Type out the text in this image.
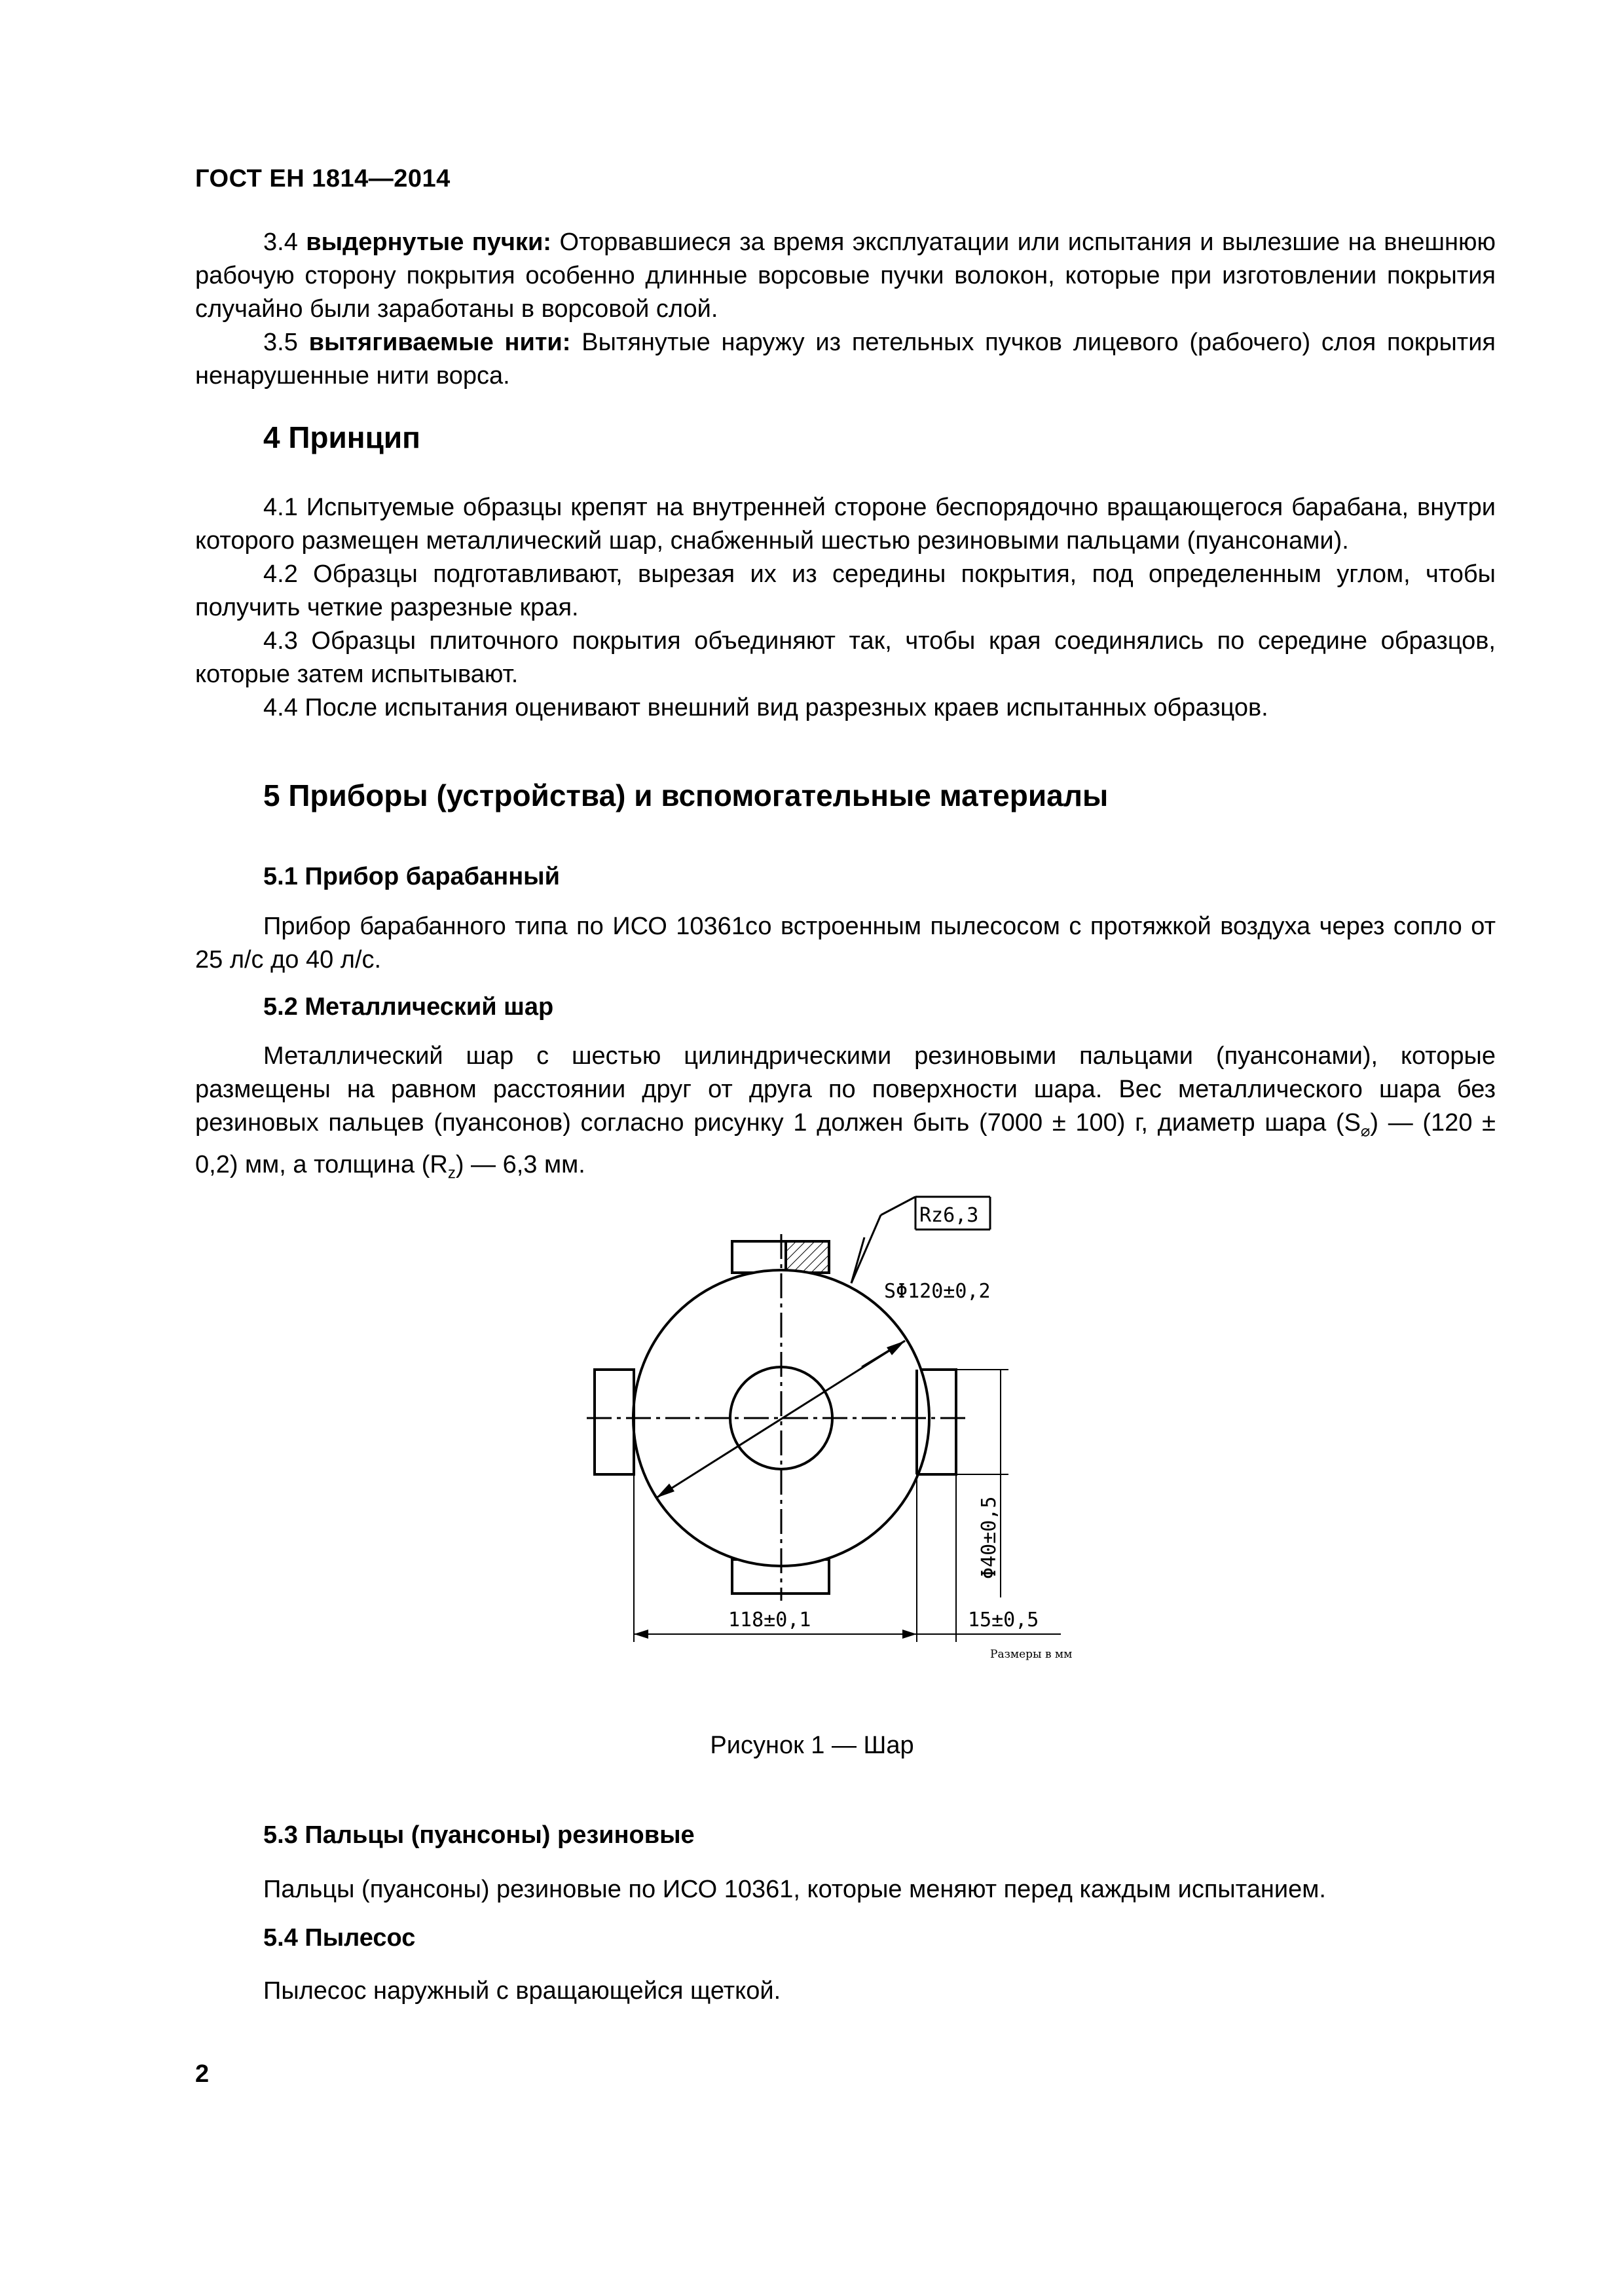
ГОСТ ЕН 1814—2014

3.4 выдернутые пучки: Оторвавшиеся за время эксплуатации или испытания и вылезшие на внешнюю рабочую сторону покрытия особенно длинные ворсовые пучки волокон, которые при изготовлении покрытия случайно были заработаны в ворсовой слой.

3.5 вытягиваемые нити: Вытянутые наружу из петельных пучков лицевого (рабочего) слоя покрытия ненарушенные нити ворса.

4 Принцип

4.1 Испытуемые образцы крепят на внутренней стороне беспорядочно вращающегося барабана, внутри которого размещен металлический шар, снабженный шестью резиновыми пальцами (пуансонами).

4.2 Образцы подготавливают, вырезая их из середины покрытия, под определенным углом, чтобы получить четкие разрезные края.

4.3 Образцы плиточного покрытия объединяют так, чтобы края соединялись по середине образцов, которые затем испытывают.

4.4 После испытания оценивают внешний вид разрезных краев испытанных образцов.

5 Приборы (устройства) и вспомогательные материалы
5.1 Прибор барабанный

Прибор барабанного типа по ИСО 10361со встроенным пылесосом с протяжкой воздуха через сопло от 25 л/с до 40 л/с.

5.2 Металлический шар

Металлический шар с шестью цилиндрическими резиновыми пальцами (пуансонами), которые размещены на равном расстоянии друг от друга по поверхности шара. Вес металлического шара без резиновых пальцев (пуансонов) согласно рисунку 1 должен быть (7000 ± 100) г, диаметр шара $(S_⌀)$ — (120 ± 0,2) мм, а толщина $(R_z)$ — 6,3 мм.

SΦ120±0,2
Rz6,3
Φ40±0,5
118±0,1	15±0,5
Размеры в мм
Рисунок 1 — Шар
5.3 Пальцы (пуансоны) резиновые
Пальцы (пуансоны) резиновые по ИСО 10361, которые меняют перед каждым испытанием.
5.4 Пылесос
Пылесос наружный с вращающейся щеткой.
2
